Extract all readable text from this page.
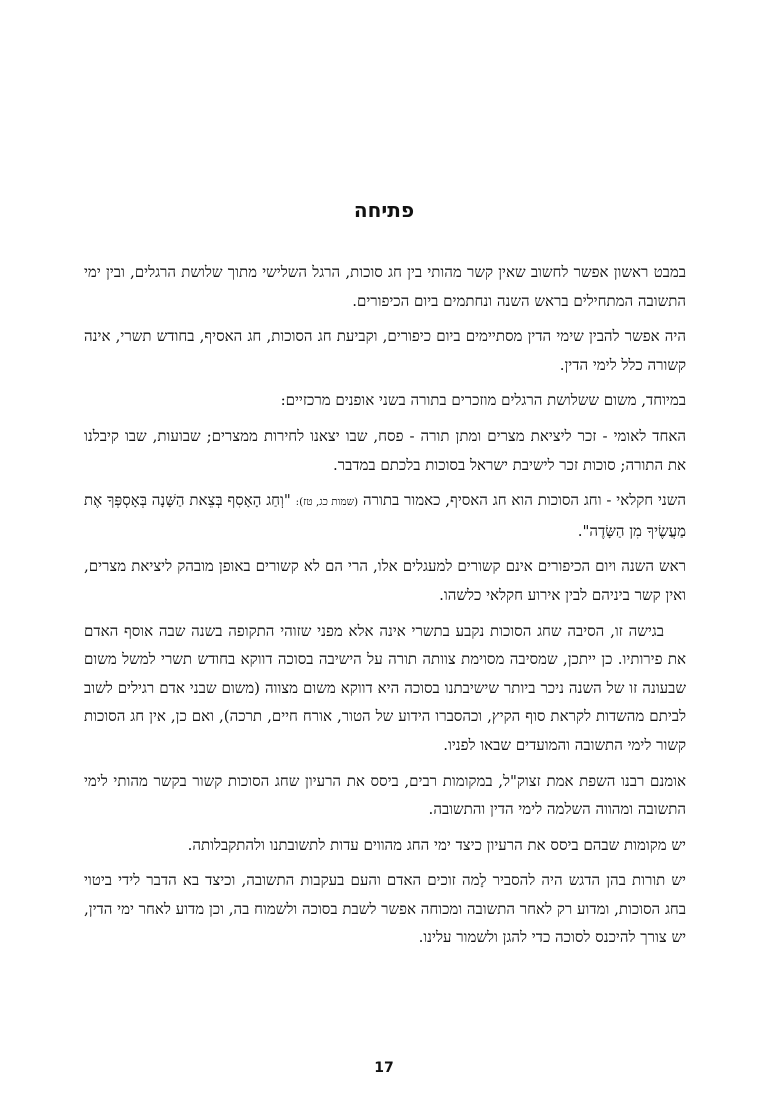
פתיחה

במבט ראשון אפשר לחשוב שאין קשר מהותי בין חג סוכות, הרגל השלישי מתוך שלושת הרגלים, ובין ימי התשובה המתחילים בראש השנה ונחתמים ביום הכיפורים.

היה אפשר להבין שימי הדין מסתיימים ביום כיפורים, וקביעת חג הסוכות, חג האסיף, בחודש תשרי, אינה קשורה כלל לימי הדין.

במיוחד, משום ששלושת הרגלים מוזכרים בתורה בשני אופנים מרכזיים:

האחד לאומי - זכר ליציאת מצרים ומתן תורה - פסח, שבו יצאנו לחירות ממצרים; שבועות, שבו קיבלנו את התורה; סוכות זכר לישיבת ישראל בסוכות בלכתם במדבר.

השני חקלאי - וחג הסוכות הוא חג האסיף, כאמור בתורה (שמות כג, טז): "וְחַג הָאָסִף בְּצֵאת הַשָּׁנָה בְּאָסְפְּךָ אֶת מַעֲשֶׂיךָ מִן הַשָּׂדֶה".

ראש השנה ויום הכיפורים אינם קשורים למעגלים אלו, הרי הם לא קשורים באופן מובהק ליציאת מצרים, ואין קשר ביניהם לבין אירוע חקלאי כלשהו.

בגישה זו, הסיבה שחג הסוכות נקבע בתשרי אינה אלא מפני שזוהי התקופה בשנה שבה אוסף האדם את פירותיו. כן ייתכן, שמסיבה מסוימת צוותה תורה על הישיבה בסוכה דווקא בחודש תשרי למשל משום שבעונה זו של השנה ניכר ביותר שישיבתנו בסוכה היא דווקא משום מצווה (משום שבני אדם רגילים לשוב לביתם מהשדות לקראת סוף הקיץ, וכהסברו הידוע של הטור, אורח חיים, תרכה), ואם כן, אין חג הסוכות קשור לימי התשובה והמועדים שבאו לפניו.

אומנם רבנו השפת אמת זצוק"ל, במקומות רבים, ביסס את הרעיון שחג הסוכות קשור בקשר מהותי לימי התשובה ומהווה השלמה לימי הדין והתשובה.

יש מקומות שבהם ביסס את הרעיון כיצד ימי החג מהווים עדות לתשובתנו ולהתקבלותה.

יש תורות בהן הדגש היה להסביר לָמה זוכים האדם והעם בעקבות התשובה, וכיצד בא הדבר לידי ביטוי בחג הסוכות, ומדוע רק לאחר התשובה ומכוחה אפשר לשבת בסוכה ולשמוח בה, וכן מדוע לאחר ימי הדין, יש צורך להיכנס לסוכה כדי להגן ולשמור עלינו.

17
